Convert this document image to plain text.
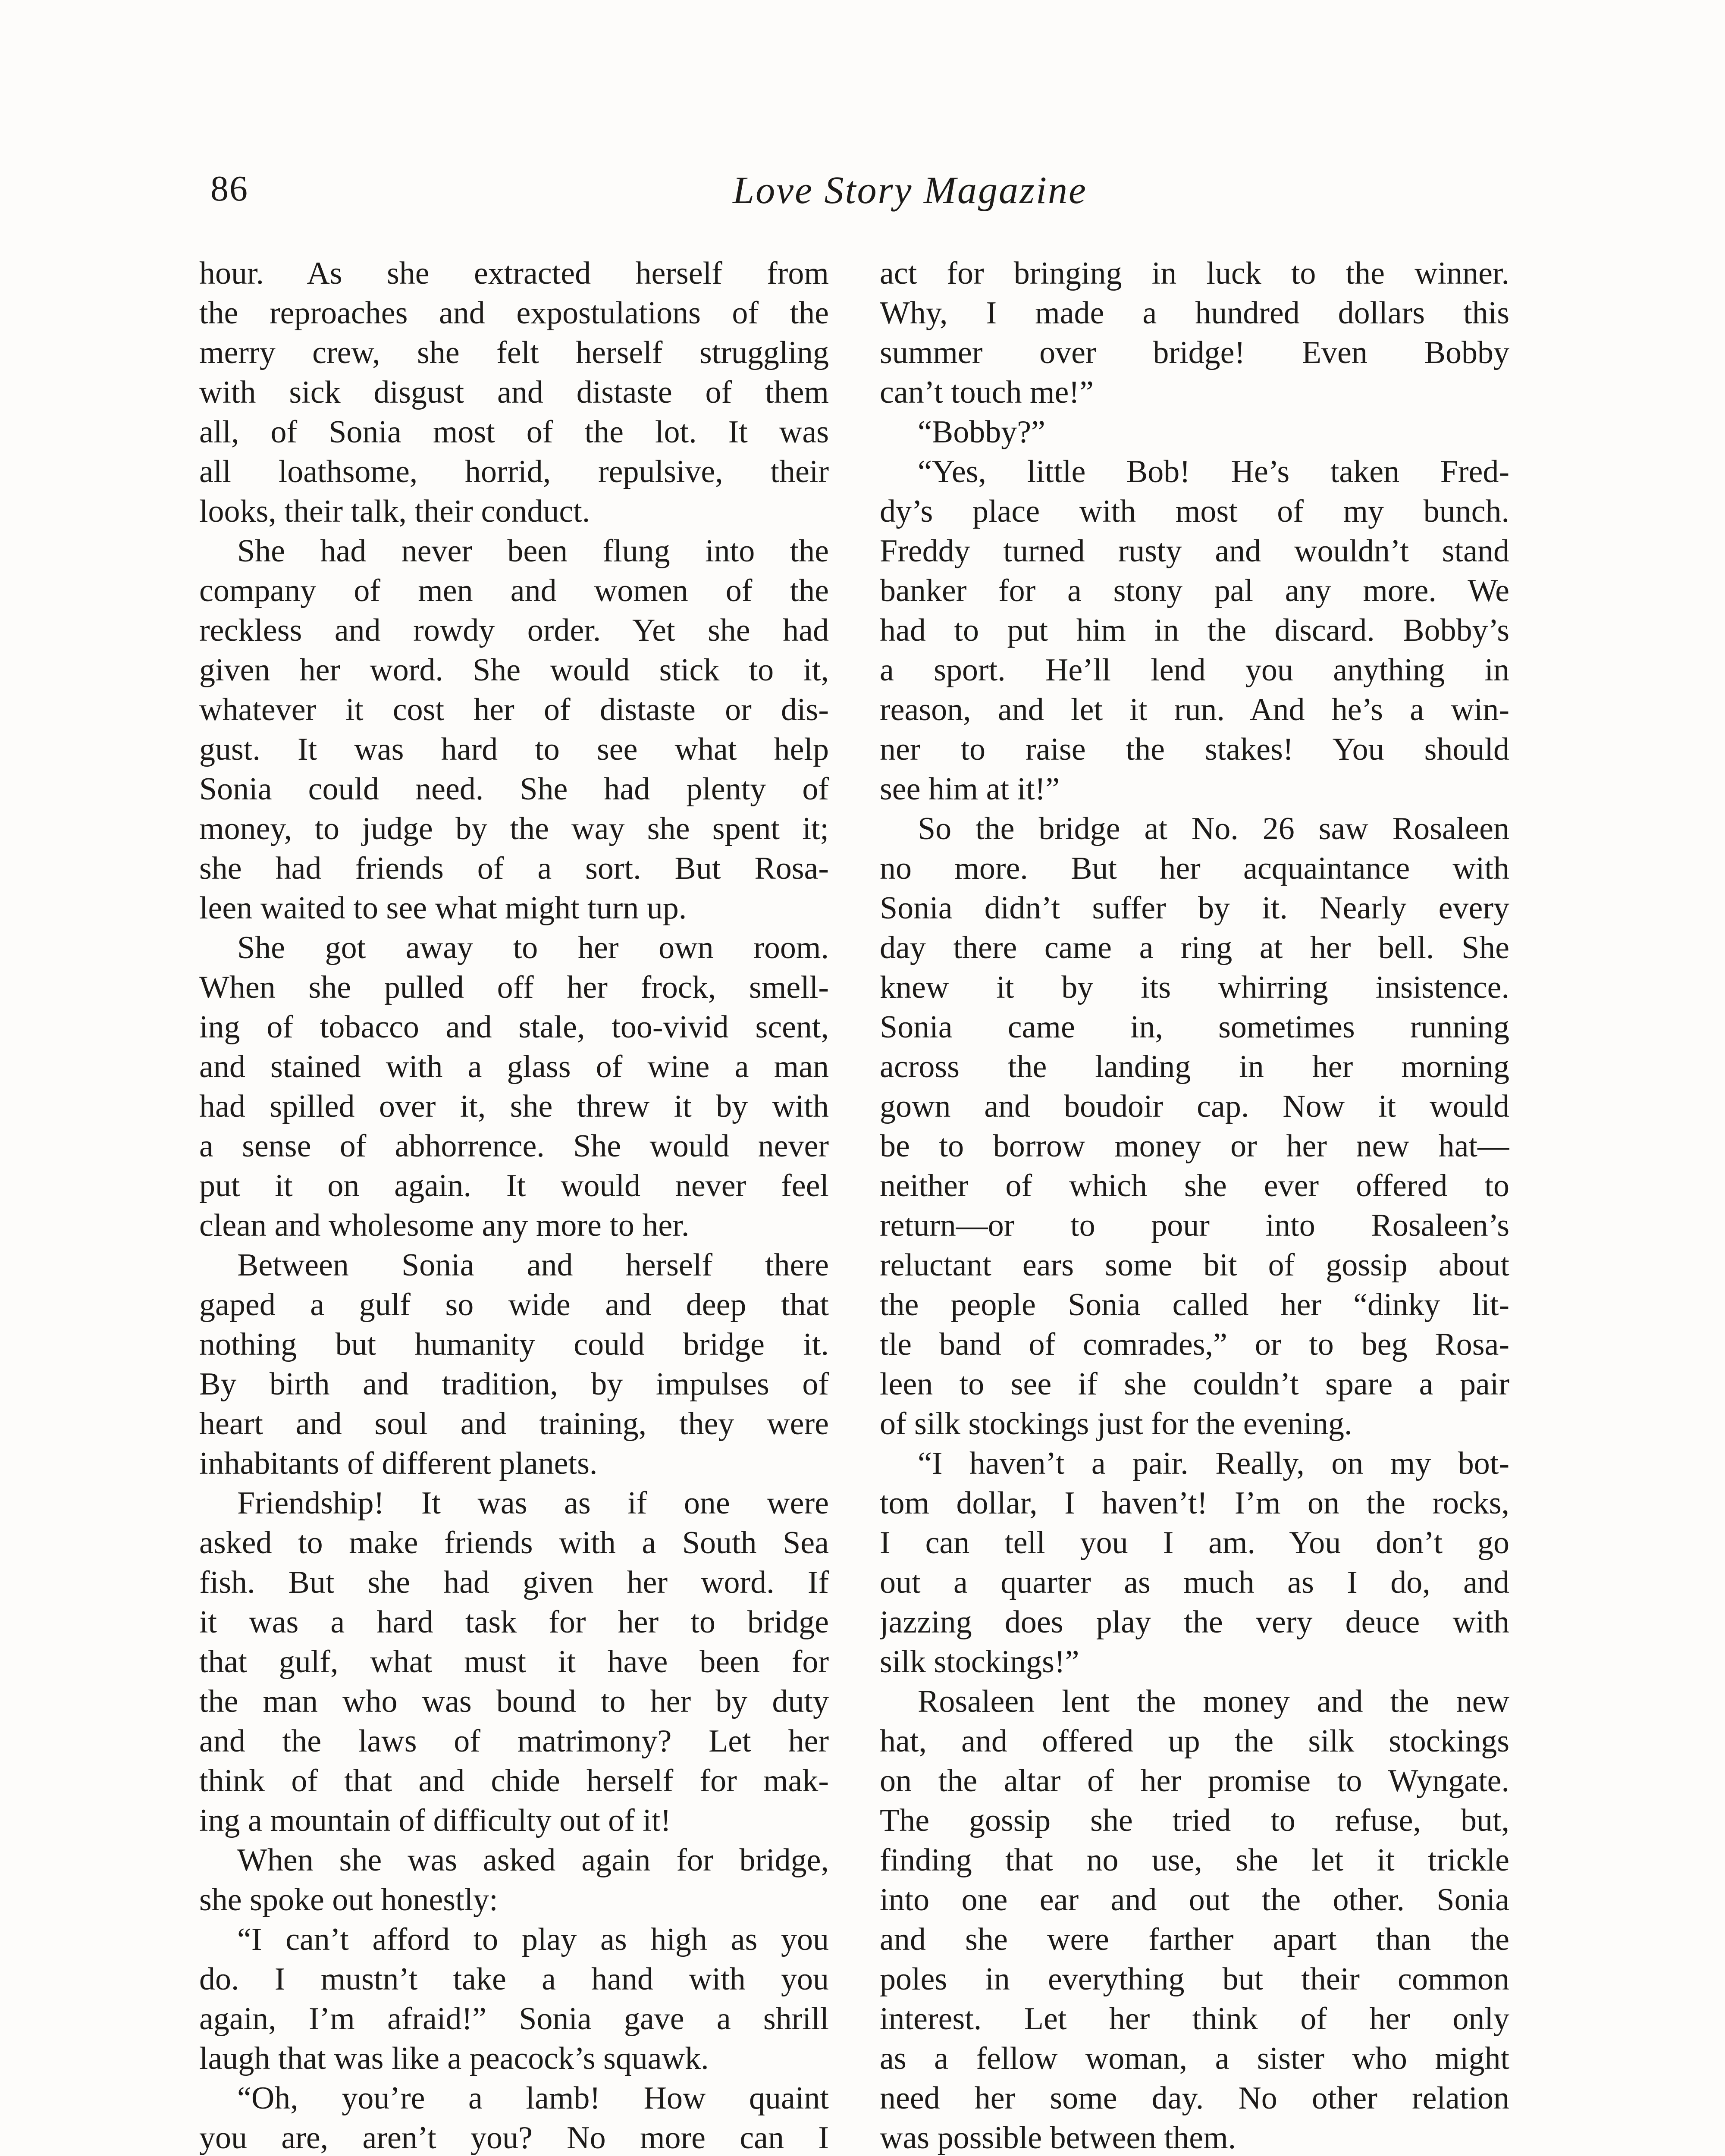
86	Love Story Magazine
hour. As she extracted herself from
the reproaches and expostulations of the
merry crew, she felt herself struggling
with sick disgust and distaste of them
all, of Sonia most of the lot. It was
all loathsome, horrid, repulsive, their
looks, their talk, their conduct.
She had never been flung into the
company of men and women of the
reckless and rowdy order. Yet she had
given her word. She would stick to it,
whatever it cost her of distaste or dis-
gust. It was hard to see what help
Sonia could need. She had plenty of
money, to judge by the way she spent it;
she had friends of a sort. But Rosa-
leen waited to see what might turn up.
She got away to her own room.
When she pulled off her frock, smell-
ing of tobacco and stale, too-vivid scent,
and stained with a glass of wine a man
had spilled over it, she threw it by with
a sense of abhorrence. She would never
put it on again. It would never feel
clean and wholesome any more to her.
Between Sonia and herself there
gaped a gulf so wide and deep that
nothing but humanity could bridge it.
By birth and tradition, by impulses of
heart and soul and training, they were
inhabitants of different planets.
Friendship! It was as if one were
asked to make friends with a South Sea
fish. But she had given her word. If
it was a hard task for her to bridge
that gulf, what must it have been for
the man who was bound to her by duty
and the laws of matrimony? Let her
think of that and chide herself for mak-
ing a mountain of difficulty out of it!
When she was asked again for bridge,
she spoke out honestly:
“I can’t afford to play as high as you
do. I mustn’t take a hand with you
again, I’m afraid!” Sonia gave a shrill
laugh that was like a peacock’s squawk.
“Oh, you’re a lamb! How quaint
you are, aren’t you? No more can I
act for bringing in luck to the winner.
Why, I made a hundred dollars this
summer over bridge! Even Bobby
can’t touch me!”
“Bobby?”
“Yes, little Bob! He’s taken Fred-
dy’s place with most of my bunch.
Freddy turned rusty and wouldn’t stand
banker for a stony pal any more. We
had to put him in the discard. Bobby’s
a sport. He’ll lend you anything in
reason, and let it run. And he’s a win-
ner to raise the stakes! You should
see him at it!”
So the bridge at No. 26 saw Rosaleen
no more. But her acquaintance with
Sonia didn’t suffer by it. Nearly every
day there came a ring at her bell. She
knew it by its whirring insistence.
Sonia came in, sometimes running
across the landing in her morning
gown and boudoir cap. Now it would
be to borrow money or her new hat—
neither of which she ever offered to
return—or to pour into Rosaleen’s
reluctant ears some bit of gossip about
the people Sonia called her “dinky lit-
tle band of comrades,” or to beg Rosa-
leen to see if she couldn’t spare a pair
of silk stockings just for the evening.
“I haven’t a pair. Really, on my bot-
tom dollar, I haven’t! I’m on the rocks,
I can tell you I am. You don’t go
out a quarter as much as I do, and
jazzing does play the very deuce with
silk stockings!”
Rosaleen lent the money and the new
hat, and offered up the silk stockings
on the altar of her promise to Wyngate.
The gossip she tried to refuse, but,
finding that no use, she let it trickle
into one ear and out the other. Sonia
and she were farther apart than the
poles in everything but their common
interest. Let her think of her only
as a fellow woman, a sister who might
need her some day. No other relation
was possible between them.
